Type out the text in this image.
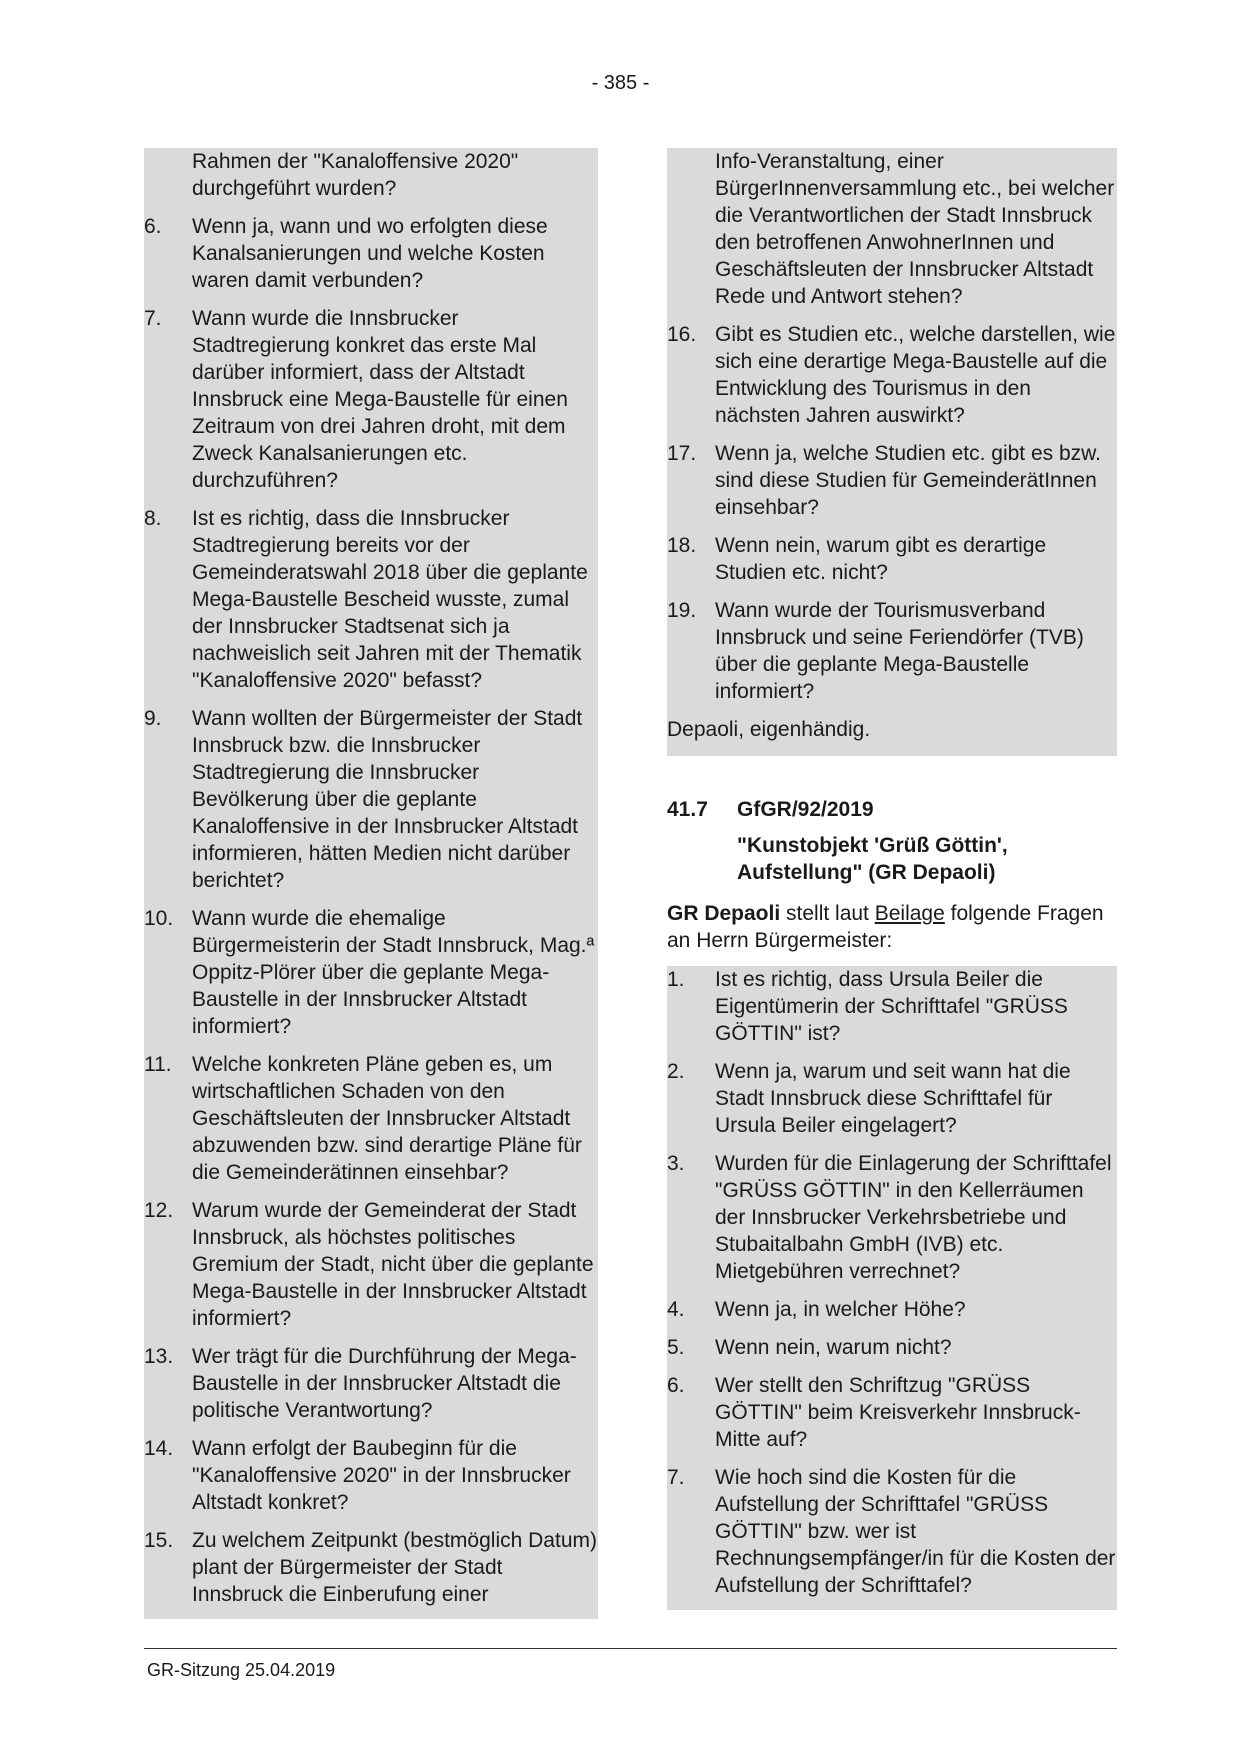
- 385 -
Rahmen der "Kanaloffensive 2020" durchgeführt wurden?
6.	Wenn ja, wann und wo erfolgten diese Kanalsanierungen und welche Kosten waren damit verbunden?
7.	Wann wurde die Innsbrucker Stadtregierung konkret das erste Mal darüber informiert, dass der Altstadt Innsbruck eine Mega-Baustelle für einen Zeitraum von drei Jahren droht, mit dem Zweck Kanalsanierungen etc. durchzuführen?
8.	Ist es richtig, dass die Innsbrucker Stadtregierung bereits vor der Gemeinderatswahl 2018 über die geplante Mega-Baustelle Bescheid wusste, zumal der Innsbrucker Stadtsenat sich ja nachweislich seit Jahren mit der Thematik "Kanaloffensive 2020" befasst?
9.	Wann wollten der Bürgermeister der Stadt Innsbruck bzw. die Innsbrucker Stadtregierung die Innsbrucker Bevölkerung über die geplante Kanaloffensive in der Innsbrucker Altstadt informieren, hätten Medien nicht darüber berichtet?
10. Wann wurde die ehemalige Bürgermeisterin der Stadt Innsbruck, Mag.ª Oppitz-Plörer über die geplante Mega-Baustelle in der Innsbrucker Altstadt informiert?
11. Welche konkreten Pläne geben es, um wirtschaftlichen Schaden von den Geschäftsleuten der Innsbrucker Altstadt abzuwenden bzw. sind derartige Pläne für die Gemeinderätinnen einsehbar?
12. Warum wurde der Gemeinderat der Stadt Innsbruck, als höchstes politisches Gremium der Stadt, nicht über die geplante Mega-Baustelle in der Innsbrucker Altstadt informiert?
13. Wer trägt für die Durchführung der Mega-Baustelle in der Innsbrucker Altstadt die politische Verantwortung?
14. Wann erfolgt der Baubeginn für die "Kanaloffensive 2020" in der Innsbrucker Altstadt konkret?
15. Zu welchem Zeitpunkt (bestmöglich Datum) plant der Bürgermeister der Stadt Innsbruck die Einberufung einer
Info-Veranstaltung, einer BürgerInnenversammlung etc., bei welcher die Verantwortlichen der Stadt Innsbruck den betroffenen AnwohnerInnen und Geschäftsleuten der Innsbrucker Altstadt Rede und Antwort stehen?
16. Gibt es Studien etc., welche darstellen, wie sich eine derartige Mega-Baustelle auf die Entwicklung des Tourismus in den nächsten Jahren auswirkt?
17. Wenn ja, welche Studien etc. gibt es bzw. sind diese Studien für GemeinderätInnen einsehbar?
18. Wenn nein, warum gibt es derartige Studien etc. nicht?
19. Wann wurde der Tourismusverband Innsbruck und seine Feriendörfer (TVB) über die geplante Mega-Baustelle informiert?
Depaoli, eigenhändig.
41.7	GfGR/92/2019
"Kunstobjekt 'Grüß Göttin', Aufstellung" (GR Depaoli)
GR Depaoli stellt laut Beilage folgende Fragen an Herrn Bürgermeister:
1.	Ist es richtig, dass Ursula Beiler die Eigentümerin der Schrifttafel "GRÜSS GÖTTIN" ist?
2.	Wenn ja, warum und seit wann hat die Stadt Innsbruck diese Schrifttafel für Ursula Beiler eingelagert?
3.	Wurden für die Einlagerung der Schrifttafel "GRÜSS GÖTTIN" in den Kellerräumen der Innsbrucker Verkehrsbetriebe und Stubaitalbahn GmbH (IVB) etc. Mietgebühren verrechnet?
4.	Wenn ja, in welcher Höhe?
5.	Wenn nein, warum nicht?
6.	Wer stellt den Schriftzug "GRÜSS GÖTTIN" beim Kreisverkehr Innsbruck-Mitte auf?
7.	Wie hoch sind die Kosten für die Aufstellung der Schrifttafel "GRÜSS GÖTTIN" bzw. wer ist Rechnungsempfänger/in für die Kosten der Aufstellung der Schrifttafel?
GR-Sitzung 25.04.2019
